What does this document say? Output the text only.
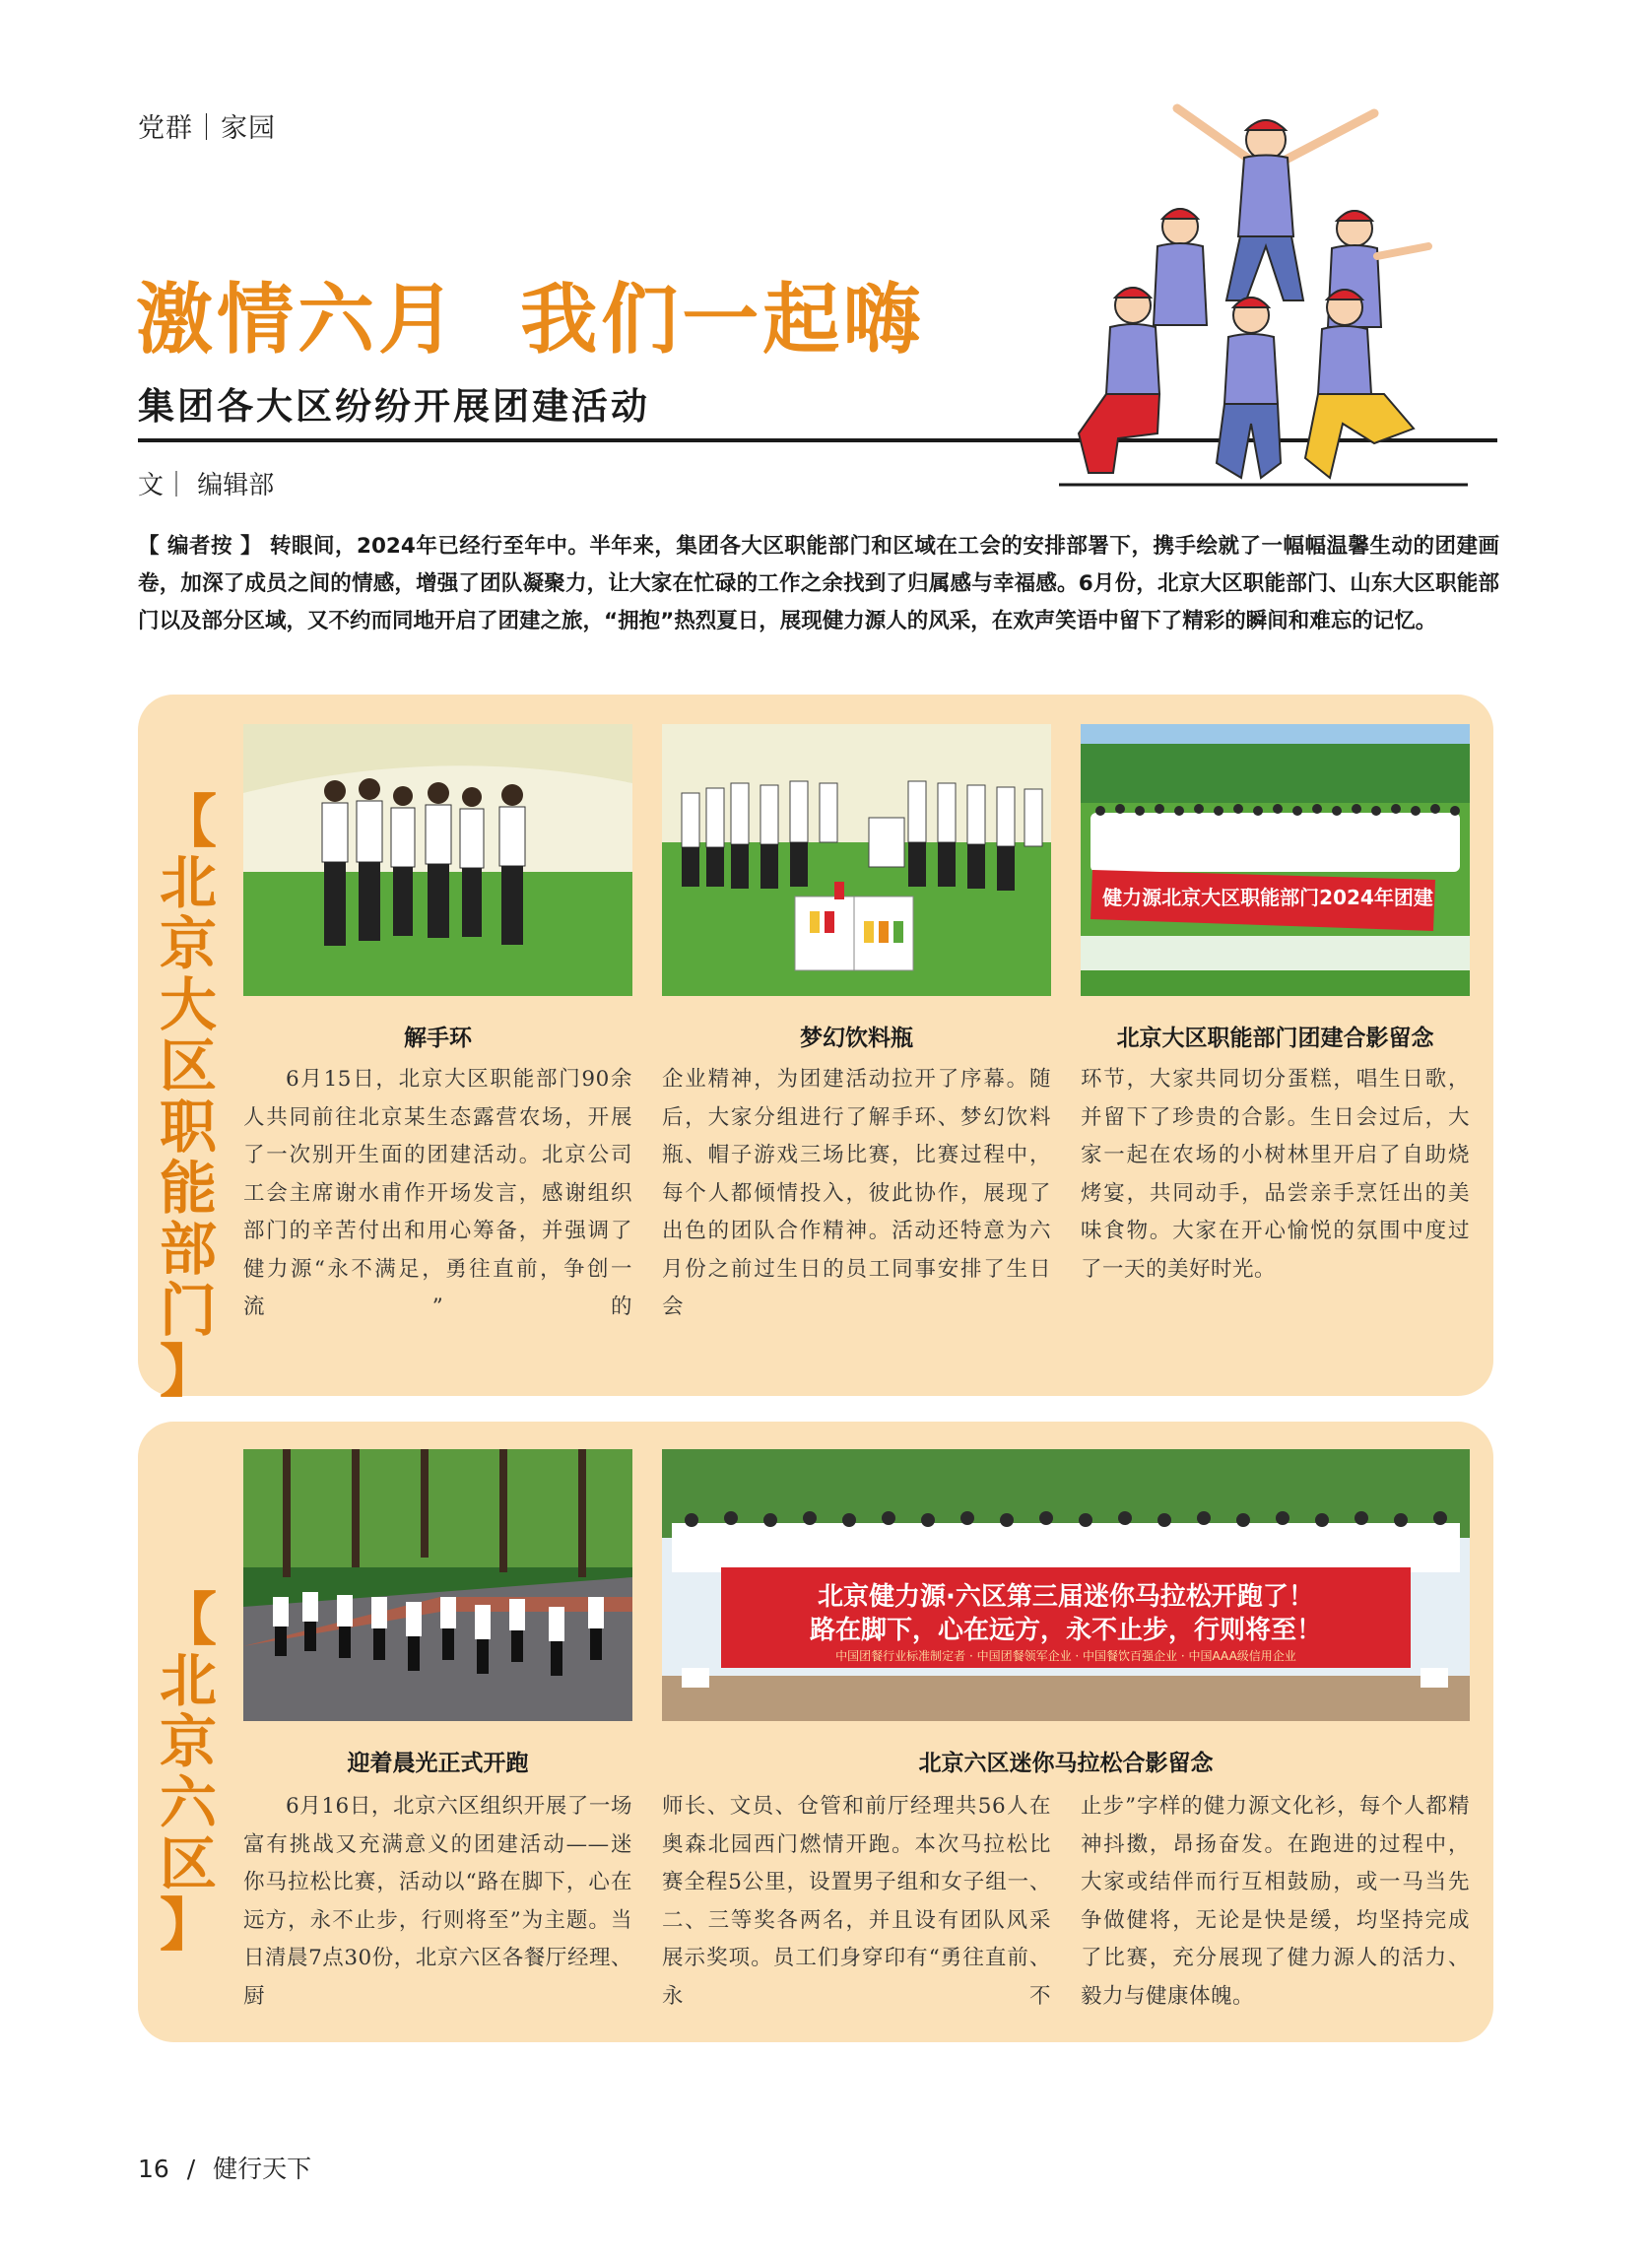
党群｜家园
激情六月  我们一起嗨
集团各大区纷纷开展团建活动
文｜ 编辑部
【 编者按 】 转眼间，2024年已经行至年中。半年来，集团各大区职能部门和区域在工会的安排部署下，携手绘就了一幅幅温馨生动的团建画卷，加深了成员之间的情感，增强了团队凝聚力，让大家在忙碌的工作之余找到了归属感与幸福感。6月份，北京大区职能部门、山东大区职能部门以及部分区域，又不约而同地开启了团建之旅，“拥抱”热烈夏日，展现健力源人的风采，在欢声笑语中留下了精彩的瞬间和难忘的记忆。
【
北
京
大
区
职
能
部
门
】
健力源北京大区职能部门2024年团建
解手环	梦幻饮料瓶	北京大区职能部门团建合影留念
6月15日，北京大区职能部门90余人共同前往北京某生态露营农场，开展了一次别开生面的团建活动。北京公司工会主席谢水甫作开场发言，感谢组织部门的辛苦付出和用心筹备，并强调了健力源“永不满足，勇往直前，争创一流”的
企业精神，为团建活动拉开了序幕。随后，大家分组进行了解手环、梦幻饮料瓶、帽子游戏三场比赛，比赛过程中，每个人都倾情投入，彼此协作，展现了出色的团队合作精神。活动还特意为六月份之前过生日的员工同事安排了生日会
环节，大家共同切分蛋糕，唱生日歌，并留下了珍贵的合影。生日会过后，大家一起在农场的小树林里开启了自助烧烤宴，共同动手，品尝亲手烹饪出的美味食物。大家在开心愉悦的氛围中度过了一天的美好时光。
【
北
京
六
区
】
北京健力源·六区第三届迷你马拉松开跑了！
路在脚下，心在远方，永不止步，行则将至！
中国团餐行业标准制定者 · 中国团餐领军企业 · 中国餐饮百强企业 · 中国AAA级信用企业
迎着晨光正式开跑	北京六区迷你马拉松合影留念
6月16日，北京六区组织开展了一场富有挑战又充满意义的团建活动——迷你马拉松比赛，活动以“路在脚下，心在远方，永不止步，行则将至”为主题。当日清晨7点30份，北京六区各餐厅经理、厨
师长、文员、仓管和前厅经理共56人在奥森北园西门燃情开跑。本次马拉松比赛全程5公里，设置男子组和女子组一、二、三等奖各两名，并且设有团队风采展示奖项。员工们身穿印有“勇往直前、永不
止步”字样的健力源文化衫，每个人都精神抖擞，昂扬奋发。在跑进的过程中，大家或结伴而行互相鼓励，或一马当先争做健将，无论是快是缓，均坚持完成了比赛，充分展现了健力源人的活力、毅力与健康体魄。
16 / 健行天下
